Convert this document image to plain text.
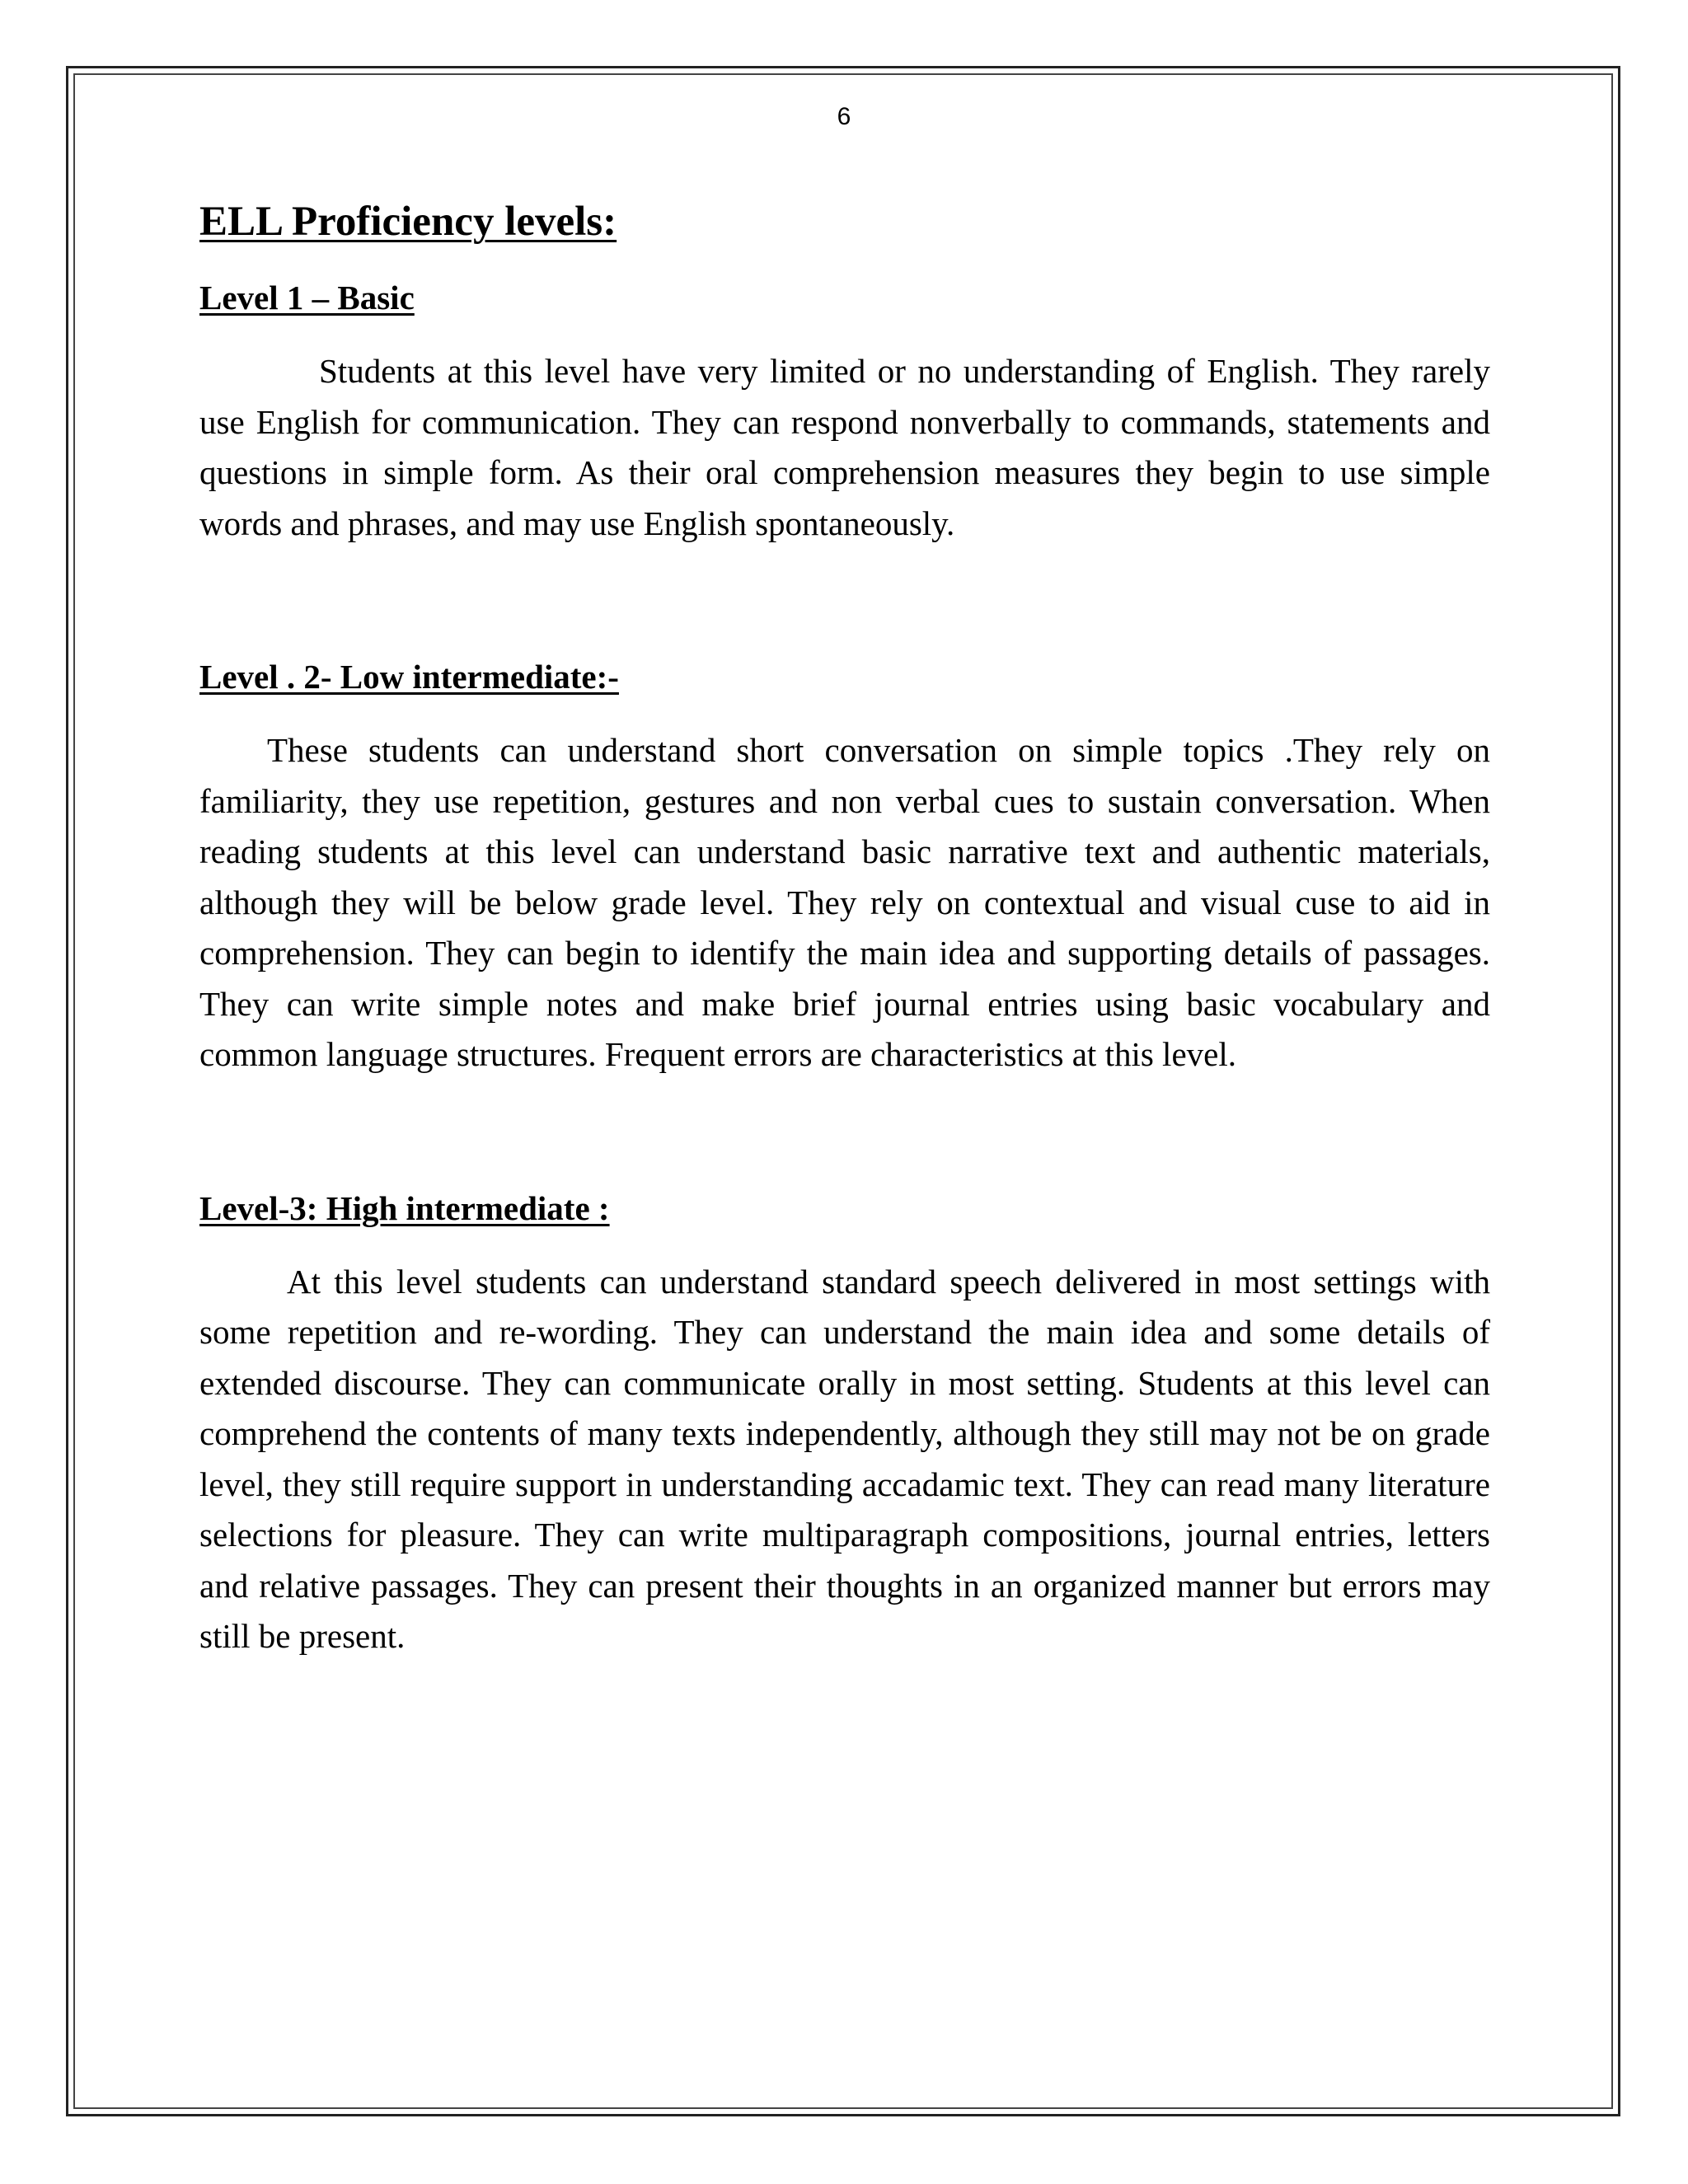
6
ELL Proficiency levels:
Level 1 – Basic

Students at this level have very limited or no understanding of English. They rarely use English for communication. They can respond nonverbally to commands, statements and questions in simple form. As their oral comprehension measures they begin to use simple words and phrases, and may use English spontaneously.

Level . 2- Low intermediate:-

These students can understand short conversation on simple topics .They rely on familiarity, they use repetition, gestures and non verbal cues to sustain conversation. When reading students at this level can understand basic narrative text and authentic materials, although they will be below grade level. They rely on contextual and visual cuse to aid in comprehension. They can begin to identify the main idea and supporting details of passages. They can write simple notes and make brief journal entries using basic vocabulary and common language structures. Frequent errors are characteristics at this level.

Level-3: High intermediate :

At this level students can understand standard speech delivered in most settings with some repetition and re-wording. They can understand the main idea and some details of extended discourse. They can communicate orally in most setting. Students at this level can comprehend the contents of many texts independently, although they still may not be on grade level, they still require support in understanding accadamic text. They can read many literature selections for pleasure. They can write multiparagraph compositions, journal entries, letters and relative passages. They can present their thoughts in an organized manner but errors may still be present.
